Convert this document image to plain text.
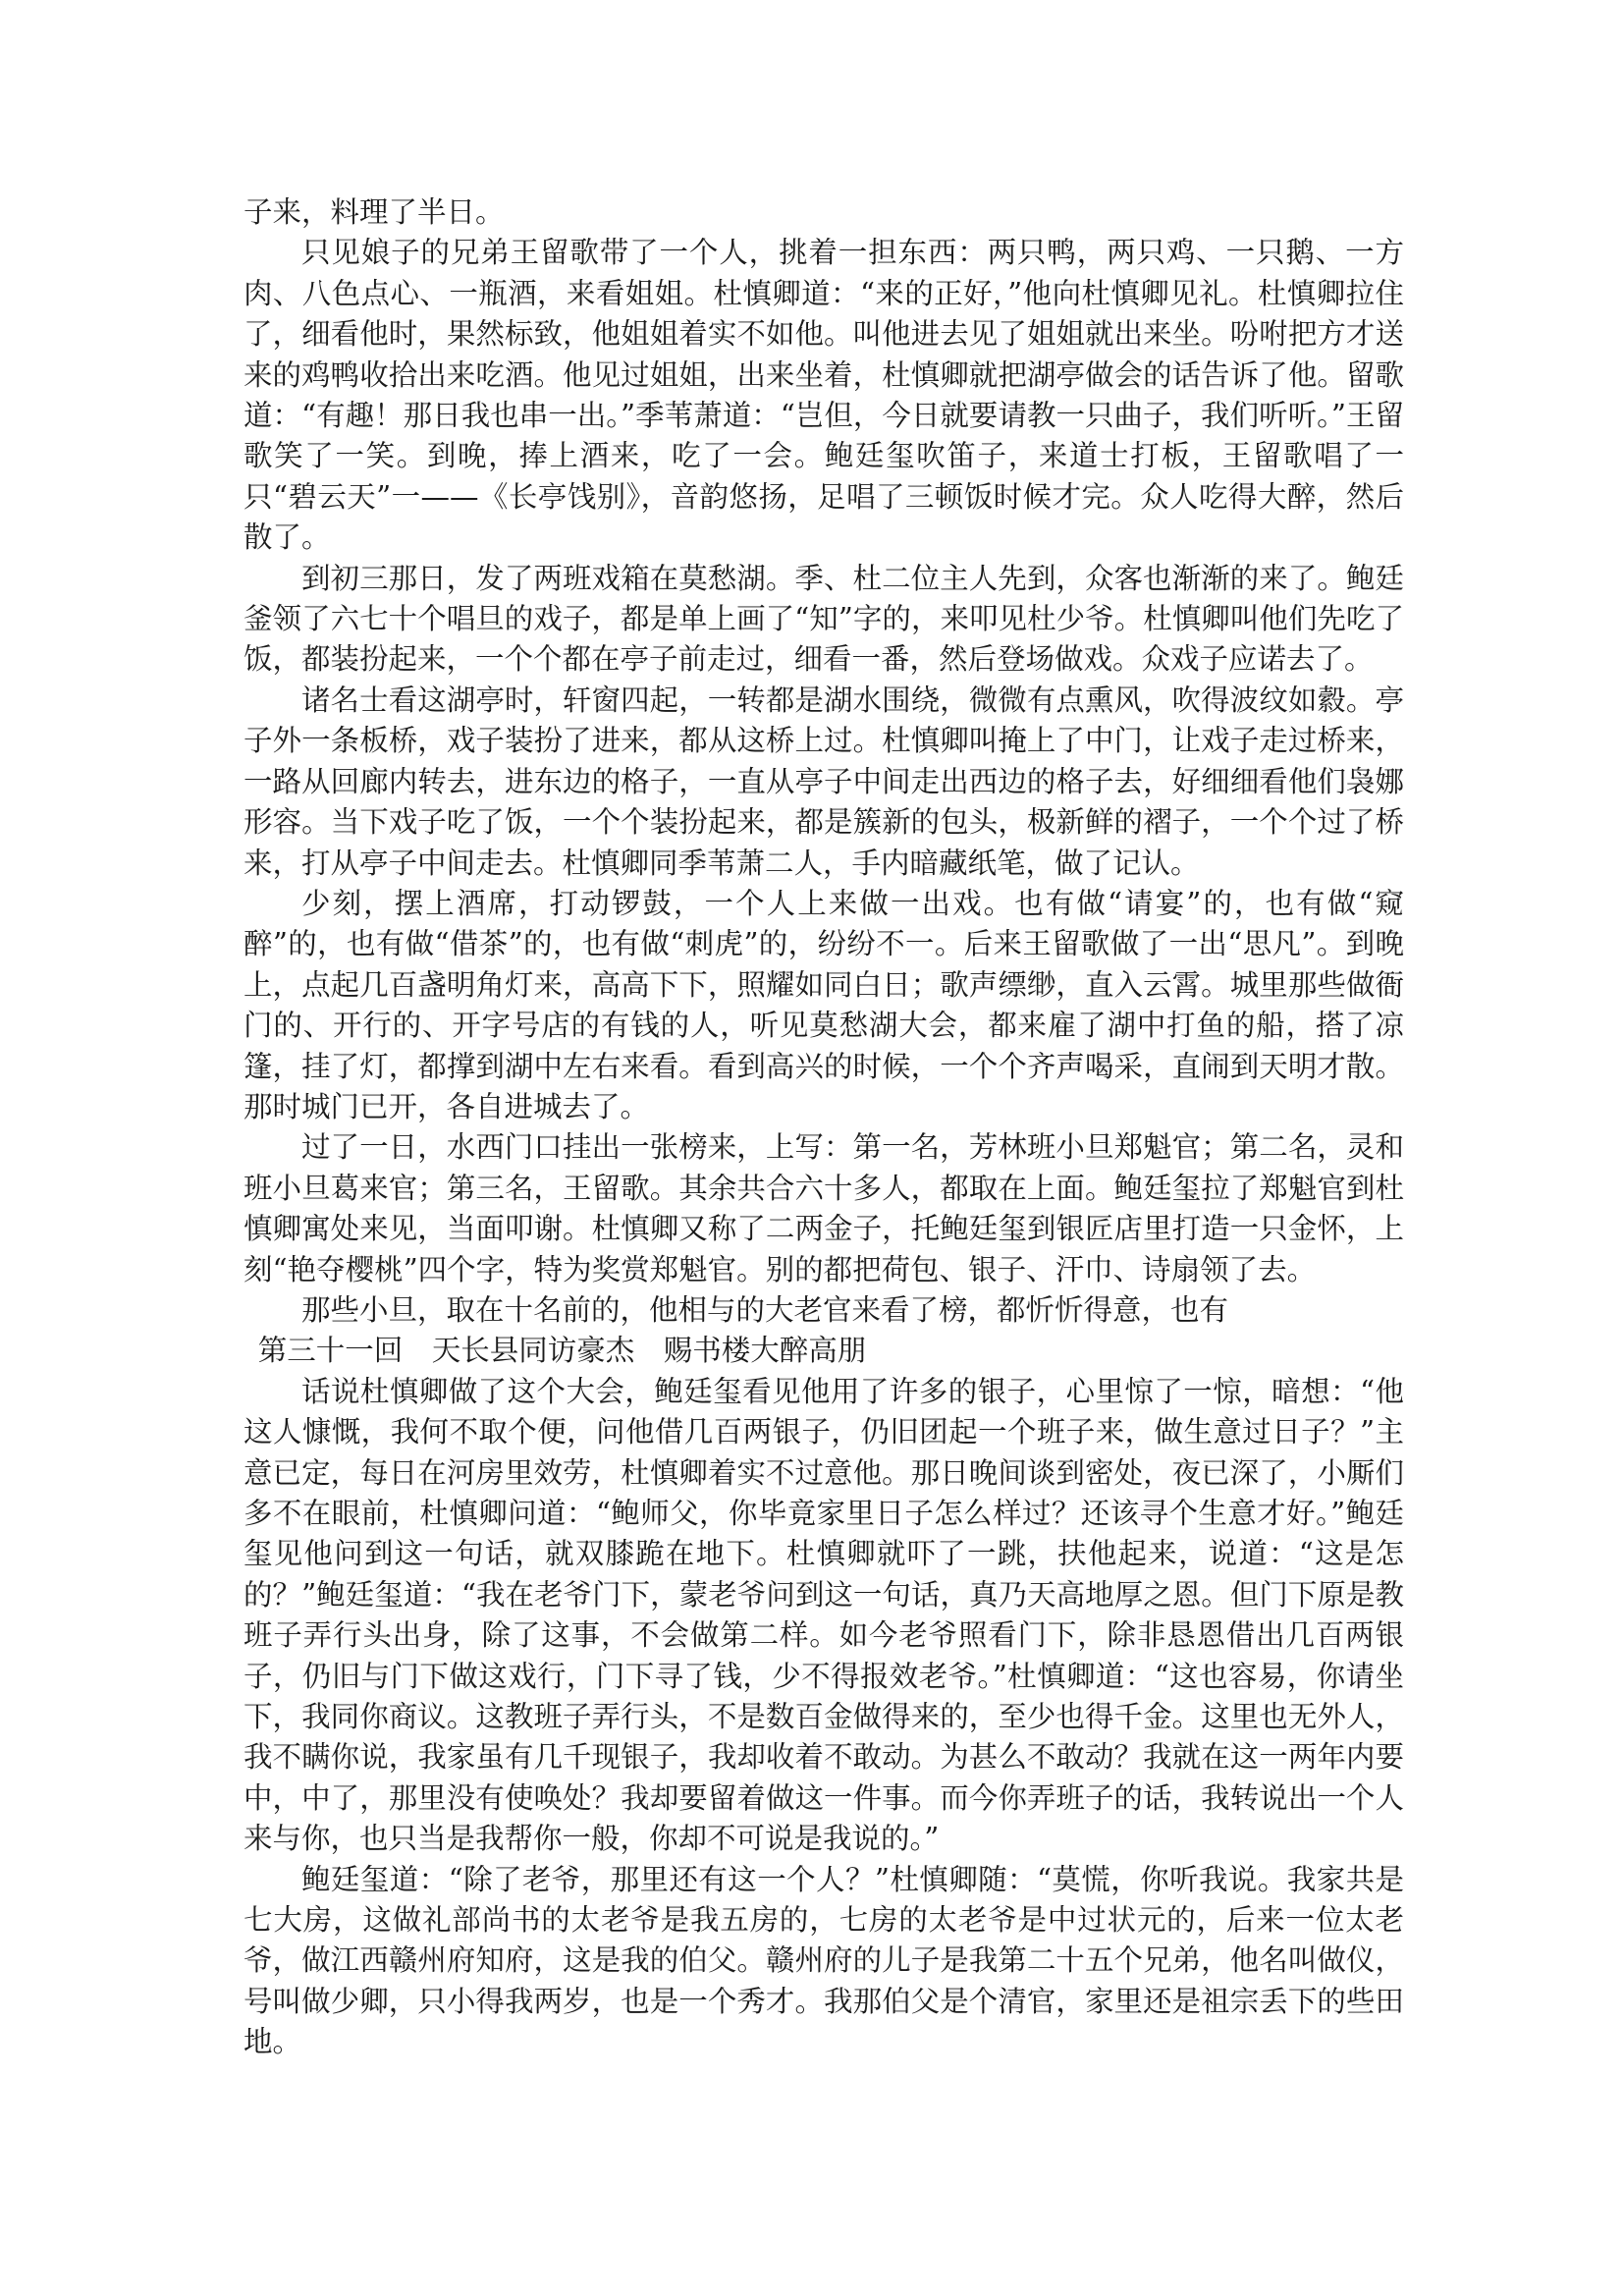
子来，料理了半日。

只见娘子的兄弟王留歌带了一个人，挑着一担东西：两只鸭，两只鸡、一只鹅、一方肉、八色点心、一瓶酒，来看姐姐。杜慎卿道：“来的正好，”他向杜慎卿见礼。杜慎卿拉住了，细看他时，果然标致，他姐姐着实不如他。叫他进去见了姐姐就出来坐。吩咐把方才送来的鸡鸭收拾出来吃酒。他见过姐姐，出来坐着，杜慎卿就把湖亭做会的话告诉了他。留歌道：“有趣！那日我也串一出。”季苇萧道：“岂但，今日就要请教一只曲子，我们听听。”王留歌笑了一笑。到晚，捧上酒来，吃了一会。鲍廷玺吹笛子，来道士打板，王留歌唱了一只“碧云天”一——《长亭饯别》，音韵悠扬，足唱了三顿饭时候才完。众人吃得大醉，然后散了。

到初三那日，发了两班戏箱在莫愁湖。季、杜二位主人先到，众客也渐渐的来了。鲍廷釜领了六七十个唱旦的戏子，都是单上画了“知”字的，来叩见杜少爷。杜慎卿叫他们先吃了饭，都装扮起来，一个个都在亭子前走过，细看一番，然后登场做戏。众戏子应诺去了。

诸名士看这湖亭时，轩窗四起，一转都是湖水围绕，微微有点熏风，吹得波纹如縠。亭子外一条板桥，戏子装扮了进来，都从这桥上过。杜慎卿叫掩上了中门，让戏子走过桥来，一路从回廊内转去，进东边的格子，一直从亭子中间走出西边的格子去，好细细看他们袅娜形容。当下戏子吃了饭，一个个装扮起来，都是簇新的包头，极新鲜的褶子，一个个过了桥来，打从亭子中间走去。杜慎卿同季苇萧二人，手内暗藏纸笔，做了记认。

少刻，摆上酒席，打动锣鼓，一个人上来做一出戏。也有做“请宴”的，也有做“窥醉”的，也有做“借茶”的，也有做“刺虎”的，纷纷不一。后来王留歌做了一出“思凡”。到晚上，点起几百盏明角灯来，高高下下，照耀如同白日；歌声缥缈，直入云霄。城里那些做衙门的、开行的、开字号店的有钱的人，听见莫愁湖大会，都来雇了湖中打鱼的船，搭了凉篷，挂了灯，都撑到湖中左右来看。看到高兴的时候，一个个齐声喝采，直闹到天明才散。那时城门已开，各自进城去了。

过了一日，水西门口挂出一张榜来，上写：第一名，芳林班小旦郑魁官；第二名，灵和班小旦葛来官；第三名，王留歌。其余共合六十多人，都取在上面。鲍廷玺拉了郑魁官到杜慎卿寓处来见，当面叩谢。杜慎卿又称了二两金子，托鲍廷玺到银匠店里打造一只金怀，上刻“艳夺樱桃”四个字，特为奖赏郑魁官。别的都把荷包、银子、汗巾、诗扇领了去。

那些小旦，取在十名前的，他相与的大老官来看了榜，都忻忻得意，也有

第三十一回　天长县同访豪杰　赐书楼大醉高朋

话说杜慎卿做了这个大会，鲍廷玺看见他用了许多的银子，心里惊了一惊，暗想：“他这人慷慨，我何不取个便，问他借几百两银子，仍旧团起一个班子来，做生意过日子？”主意已定，每日在河房里效劳，杜慎卿着实不过意他。那日晚间谈到密处，夜已深了，小厮们多不在眼前，杜慎卿问道：“鲍师父，你毕竟家里日子怎么样过？还该寻个生意才好。”鲍廷玺见他问到这一句话，就双膝跪在地下。杜慎卿就吓了一跳，扶他起来，说道：“这是怎的？”鲍廷玺道：“我在老爷门下，蒙老爷问到这一句话，真乃天高地厚之恩。但门下原是教班子弄行头出身，除了这事，不会做第二样。如今老爷照看门下，除非恳恩借出几百两银子，仍旧与门下做这戏行，门下寻了钱，少不得报效老爷。”杜慎卿道：“这也容易，你请坐下，我同你商议。这教班子弄行头，不是数百金做得来的，至少也得千金。这里也无外人，我不瞒你说，我家虽有几千现银子，我却收着不敢动。为甚么不敢动？我就在这一两年内要中，中了，那里没有使唤处？我却要留着做这一件事。而今你弄班子的话，我转说出一个人来与你，也只当是我帮你一般，你却不可说是我说的。”

鲍廷玺道：“除了老爷，那里还有这一个人？”杜慎卿随：“莫慌，你听我说。我家共是七大房，这做礼部尚书的太老爷是我五房的，七房的太老爷是中过状元的，后来一位太老爷，做江西赣州府知府，这是我的伯父。赣州府的儿子是我第二十五个兄弟，他名叫做仪，号叫做少卿，只小得我两岁，也是一个秀才。我那伯父是个清官，家里还是祖宗丢下的些田地。
